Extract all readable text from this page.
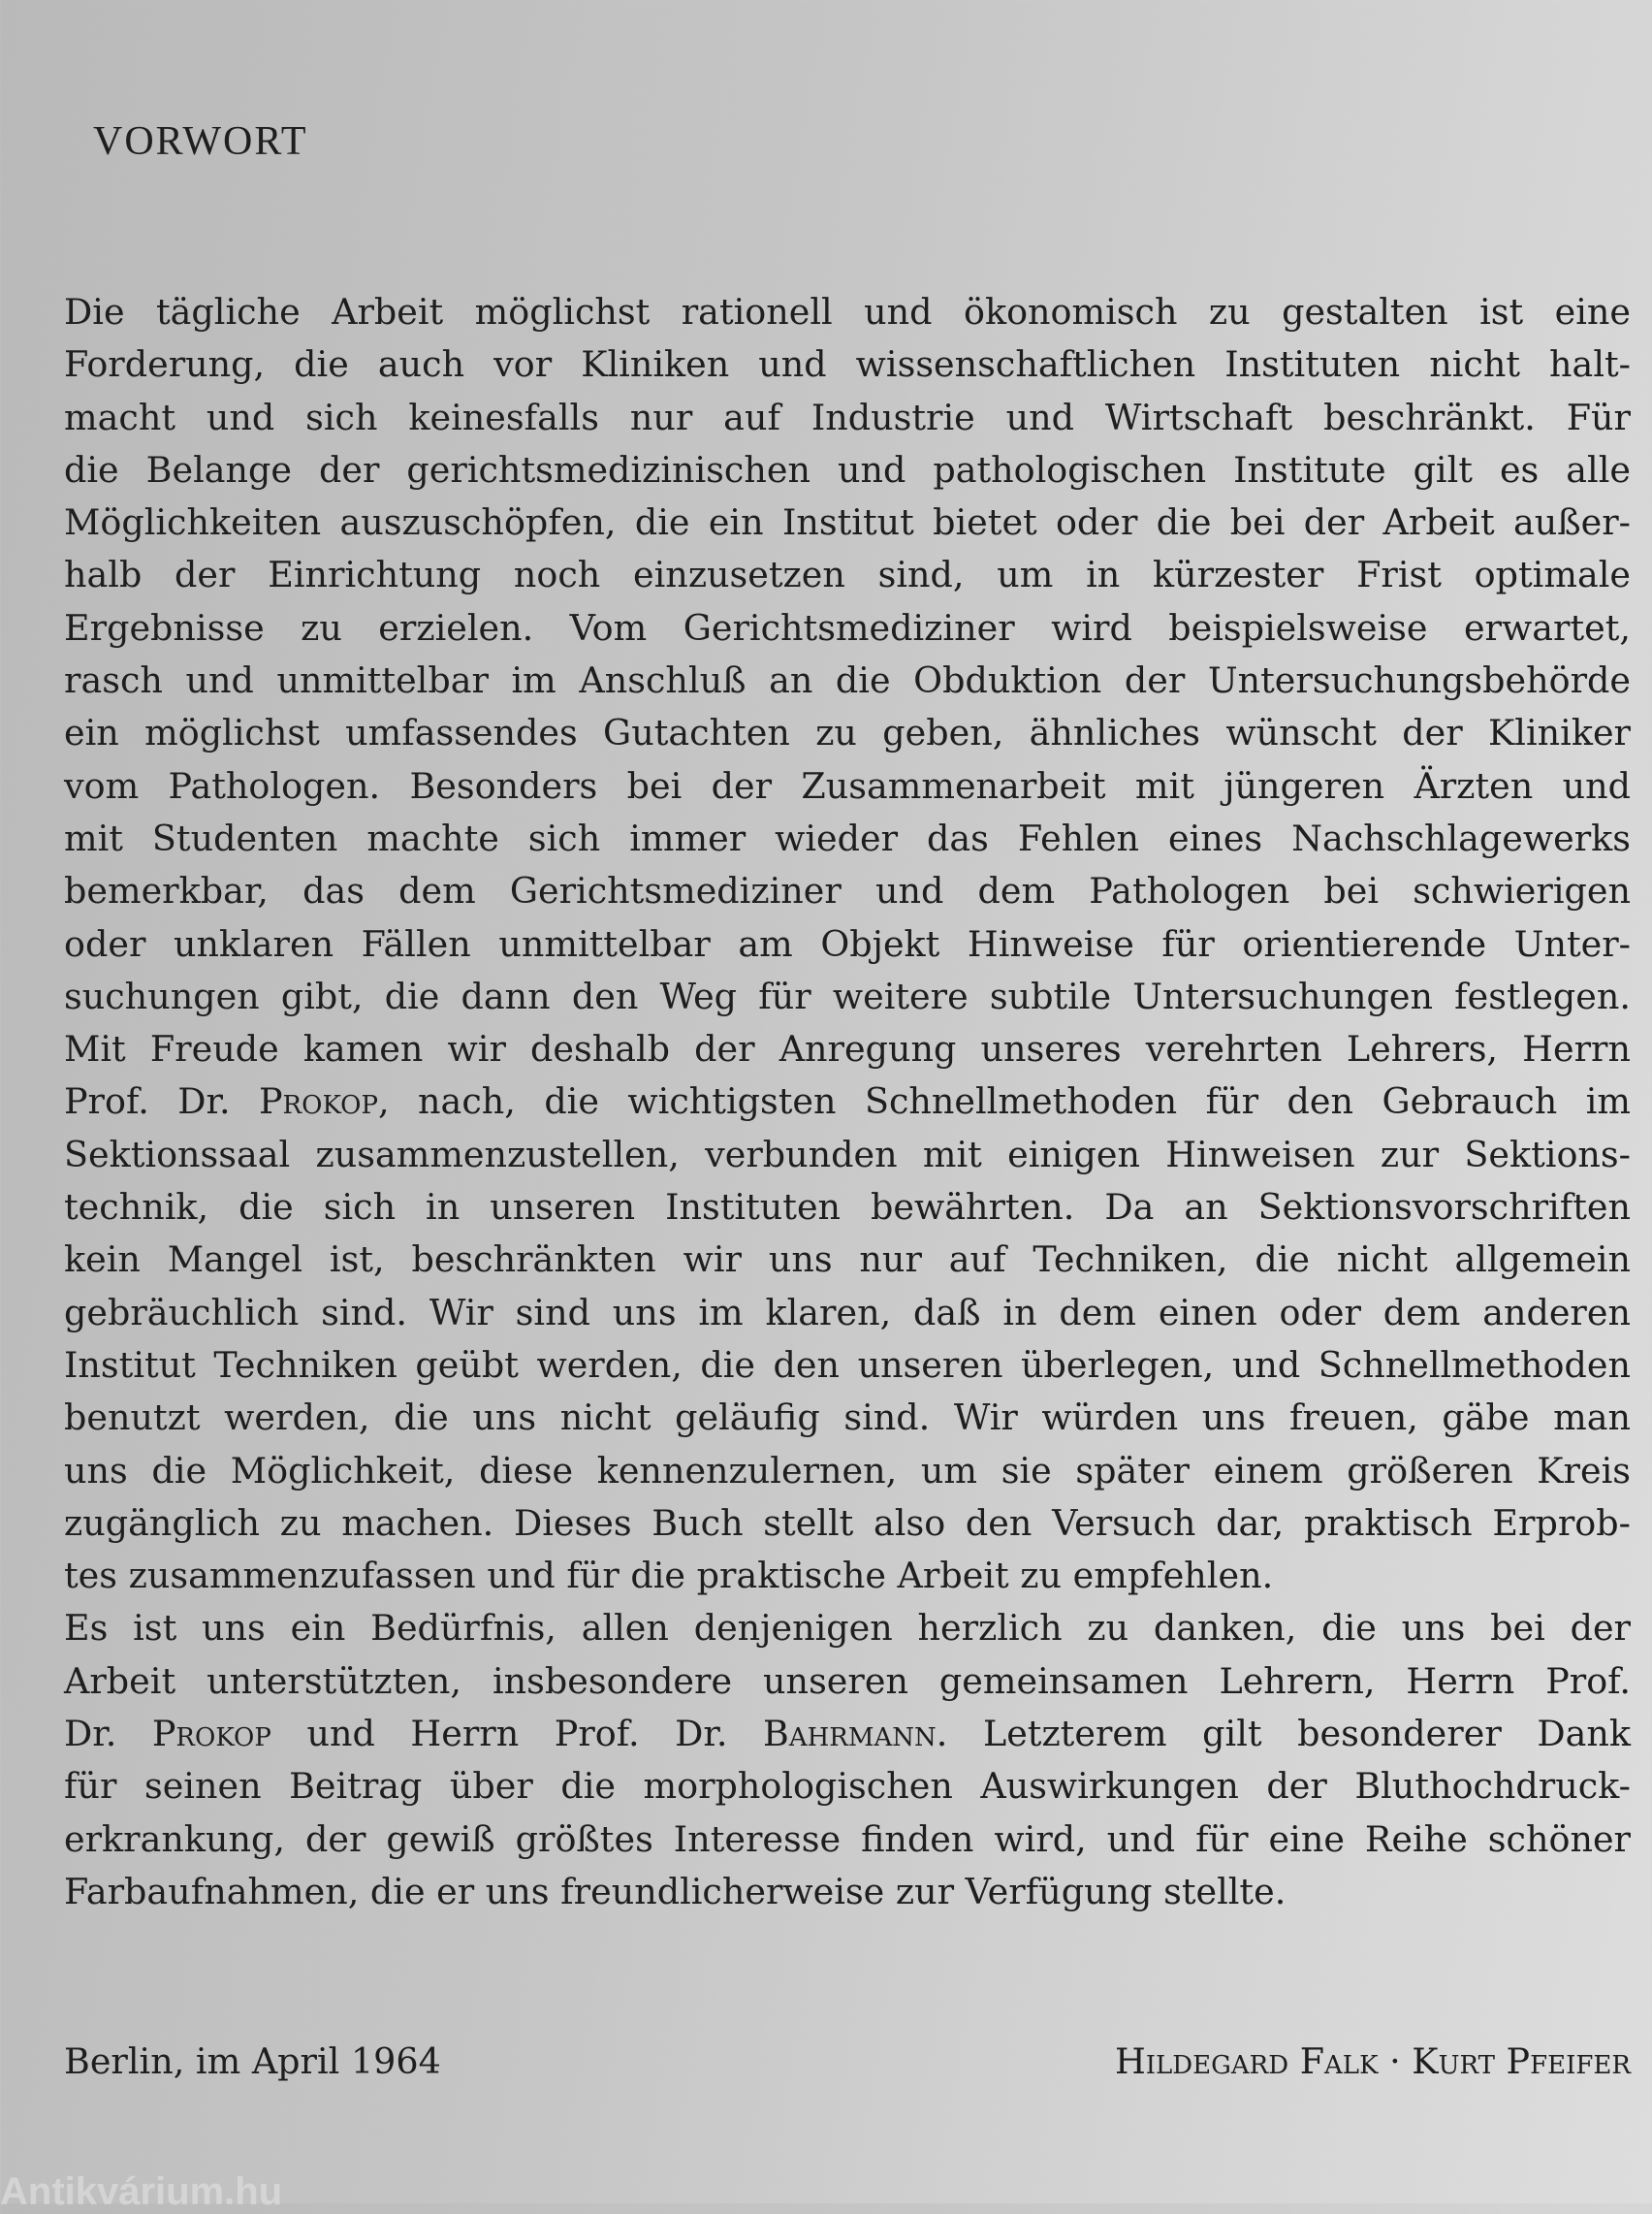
VORWORT
Die tägliche Arbeit möglichst rationell und ökonomisch zu gestalten ist eine
Forderung, die auch vor Kliniken und wissenschaftlichen Instituten nicht halt-
macht und sich keinesfalls nur auf Industrie und Wirtschaft beschränkt. Für
die Belange der gerichtsmedizinischen und pathologischen Institute gilt es alle
Möglichkeiten auszuschöpfen, die ein Institut bietet oder die bei der Arbeit außer-
halb der Einrichtung noch einzusetzen sind, um in kürzester Frist optimale
Ergebnisse zu erzielen. Vom Gerichtsmediziner wird beispielsweise erwartet,
rasch und unmittelbar im Anschluß an die Obduktion der Untersuchungsbehörde
ein möglichst umfassendes Gutachten zu geben, ähnliches wünscht der Kliniker
vom Pathologen. Besonders bei der Zusammenarbeit mit jüngeren Ärzten und
mit Studenten machte sich immer wieder das Fehlen eines Nachschlagewerks
bemerkbar, das dem Gerichtsmediziner und dem Pathologen bei schwierigen
oder unklaren Fällen unmittelbar am Objekt Hinweise für orientierende Unter-
suchungen gibt, die dann den Weg für weitere subtile Untersuchungen festlegen.
Mit Freude kamen wir deshalb der Anregung unseres verehrten Lehrers, Herrn
Prof. Dr. Prokop, nach, die wichtigsten Schnellmethoden für den Gebrauch im
Sektionssaal zusammenzustellen, verbunden mit einigen Hinweisen zur Sektions-
technik, die sich in unseren Instituten bewährten. Da an Sektionsvorschriften
kein Mangel ist, beschränkten wir uns nur auf Techniken, die nicht allgemein
gebräuchlich sind. Wir sind uns im klaren, daß in dem einen oder dem anderen
Institut Techniken geübt werden, die den unseren überlegen, und Schnellmethoden
benutzt werden, die uns nicht geläufig sind. Wir würden uns freuen, gäbe man
uns die Möglichkeit, diese kennenzulernen, um sie später einem größeren Kreis
zugänglich zu machen. Dieses Buch stellt also den Versuch dar, praktisch Erprob-
tes zusammenzufassen und für die praktische Arbeit zu empfehlen.
Es ist uns ein Bedürfnis, allen denjenigen herzlich zu danken, die uns bei der
Arbeit unterstützten, insbesondere unseren gemeinsamen Lehrern, Herrn Prof.
Dr. Prokop und Herrn Prof. Dr. Bahrmann. Letzterem gilt besonderer Dank
für seinen Beitrag über die morphologischen Auswirkungen der Bluthochdruck-
erkrankung, der gewiß größtes Interesse finden wird, und für eine Reihe schöner
Farbaufnahmen, die er uns freundlicherweise zur Verfügung stellte.
Berlin, im April 1964	Hildegard Falk · Kurt Pfeifer
Antikvárium.hu
